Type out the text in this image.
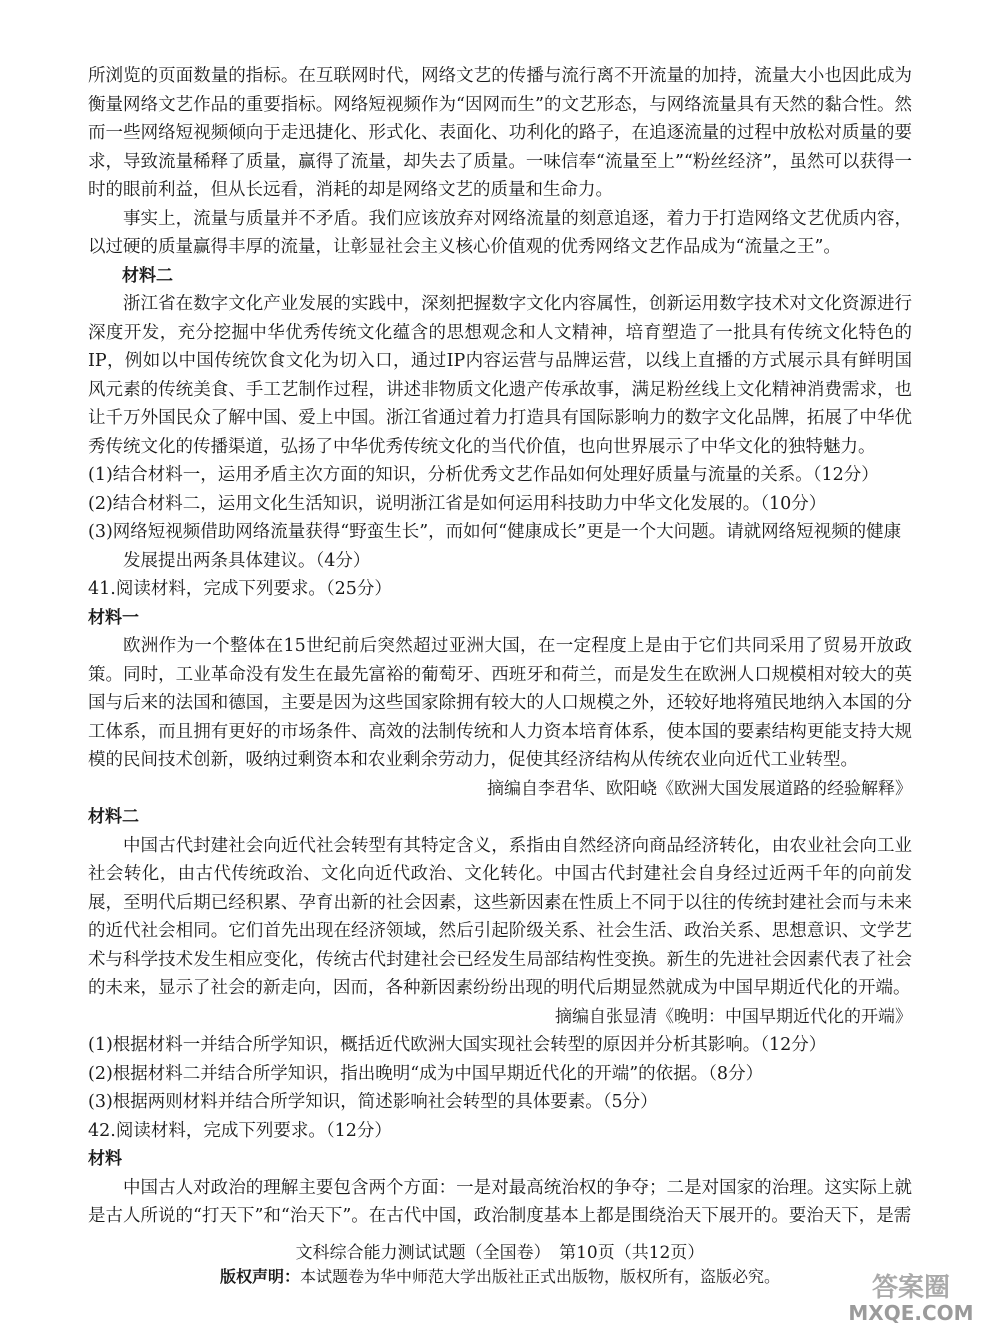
所浏览的页面数量的指标。在互联网时代，网络文艺的传播与流行离不开流量的加持，流量大小也因此成为衡量网络文艺作品的重要指标。网络短视频作为“因网而生”的文艺形态，与网络流量具有天然的黏合性。然而一些网络短视频倾向于走迅捷化、形式化、表面化、功利化的路子，在追逐流量的过程中放松对质量的要求，导致流量稀释了质量，赢得了流量，却失去了质量。一味信奉“流量至上”“粉丝经济”，虽然可以获得一时的眼前利益，但从长远看，消耗的却是网络文艺的质量和生命力。

事实上，流量与质量并不矛盾。我们应该放弃对网络流量的刻意追逐，着力于打造网络文艺优质内容，以过硬的质量赢得丰厚的流量，让彰显社会主义核心价值观的优秀网络文艺作品成为“流量之王”。

材料二

浙江省在数字文化产业发展的实践中，深刻把握数字文化内容属性，创新运用数字技术对文化资源进行深度开发，充分挖掘中华优秀传统文化蕴含的思想观念和人文精神，培育塑造了一批具有传统文化特色的IP，例如以中国传统饮食文化为切入口，通过IP内容运营与品牌运营，以线上直播的方式展示具有鲜明国风元素的传统美食、手工艺制作过程，讲述非物质文化遗产传承故事，满足粉丝线上文化精神消费需求，也让千万外国民众了解中国、爱上中国。浙江省通过着力打造具有国际影响力的数字文化品牌，拓展了中华优秀传统文化的传播渠道，弘扬了中华优秀传统文化的当代价值，也向世界展示了中华文化的独特魅力。

(1)结合材料一，运用矛盾主次方面的知识，分析优秀文艺作品如何处理好质量与流量的关系。（12分）

(2)结合材料二，运用文化生活知识，说明浙江省是如何运用科技助力中华文化发展的。（10分）

(3)网络短视频借助网络流量获得“野蛮生长”，而如何“健康成长”更是一个大问题。请就网络短视频的健康发展提出两条具体建议。（4分）

41.阅读材料，完成下列要求。（25分）

材料一

欧洲作为一个整体在15世纪前后突然超过亚洲大国，在一定程度上是由于它们共同采用了贸易开放政策。同时，工业革命没有发生在最先富裕的葡萄牙、西班牙和荷兰，而是发生在欧洲人口规模相对较大的英国与后来的法国和德国，主要是因为这些国家除拥有较大的人口规模之外，还较好地将殖民地纳入本国的分工体系，而且拥有更好的市场条件、高效的法制传统和人力资本培育体系，使本国的要素结构更能支持大规模的民间技术创新，吸纳过剩资本和农业剩余劳动力，促使其经济结构从传统农业向近代工业转型。

摘编自李君华、欧阳峣《欧洲大国发展道路的经验解释》

材料二

中国古代封建社会向近代社会转型有其特定含义，系指由自然经济向商品经济转化，由农业社会向工业社会转化，由古代传统政治、文化向近代政治、文化转化。中国古代封建社会自身经过近两千年的向前发展，至明代后期已经积累、孕育出新的社会因素，这些新因素在性质上不同于以往的传统封建社会而与未来的近代社会相同。它们首先出现在经济领域，然后引起阶级关系、社会生活、政治关系、思想意识、文学艺术与科学技术发生相应变化，传统古代封建社会已经发生局部结构性变换。新生的先进社会因素代表了社会的未来，显示了社会的新走向，因而，各种新因素纷纷出现的明代后期显然就成为中国早期近代化的开端。

摘编自张显清《晚明：中国早期近代化的开端》

(1)根据材料一并结合所学知识，概括近代欧洲大国实现社会转型的原因并分析其影响。（12分）

(2)根据材料二并结合所学知识，指出晚明“成为中国早期近代化的开端”的依据。（8分）

(3)根据两则材料并结合所学知识，简述影响社会转型的具体要素。（5分）

42.阅读材料，完成下列要求。（12分）

材料

中国古人对政治的理解主要包含两个方面：一是对最高统治权的争夺；二是对国家的治理。这实际上就是古人所说的“打天下”和“治天下”。在古代中国，政治制度基本上都是围绕治天下展开的。要治天下，是需

文科综合能力测试试题（全国卷）　第10页（共12页）
版权声明：本试题卷为华中师范大学出版社正式出版物，版权所有，盗版必究。	答案圈
MXQE.COM
